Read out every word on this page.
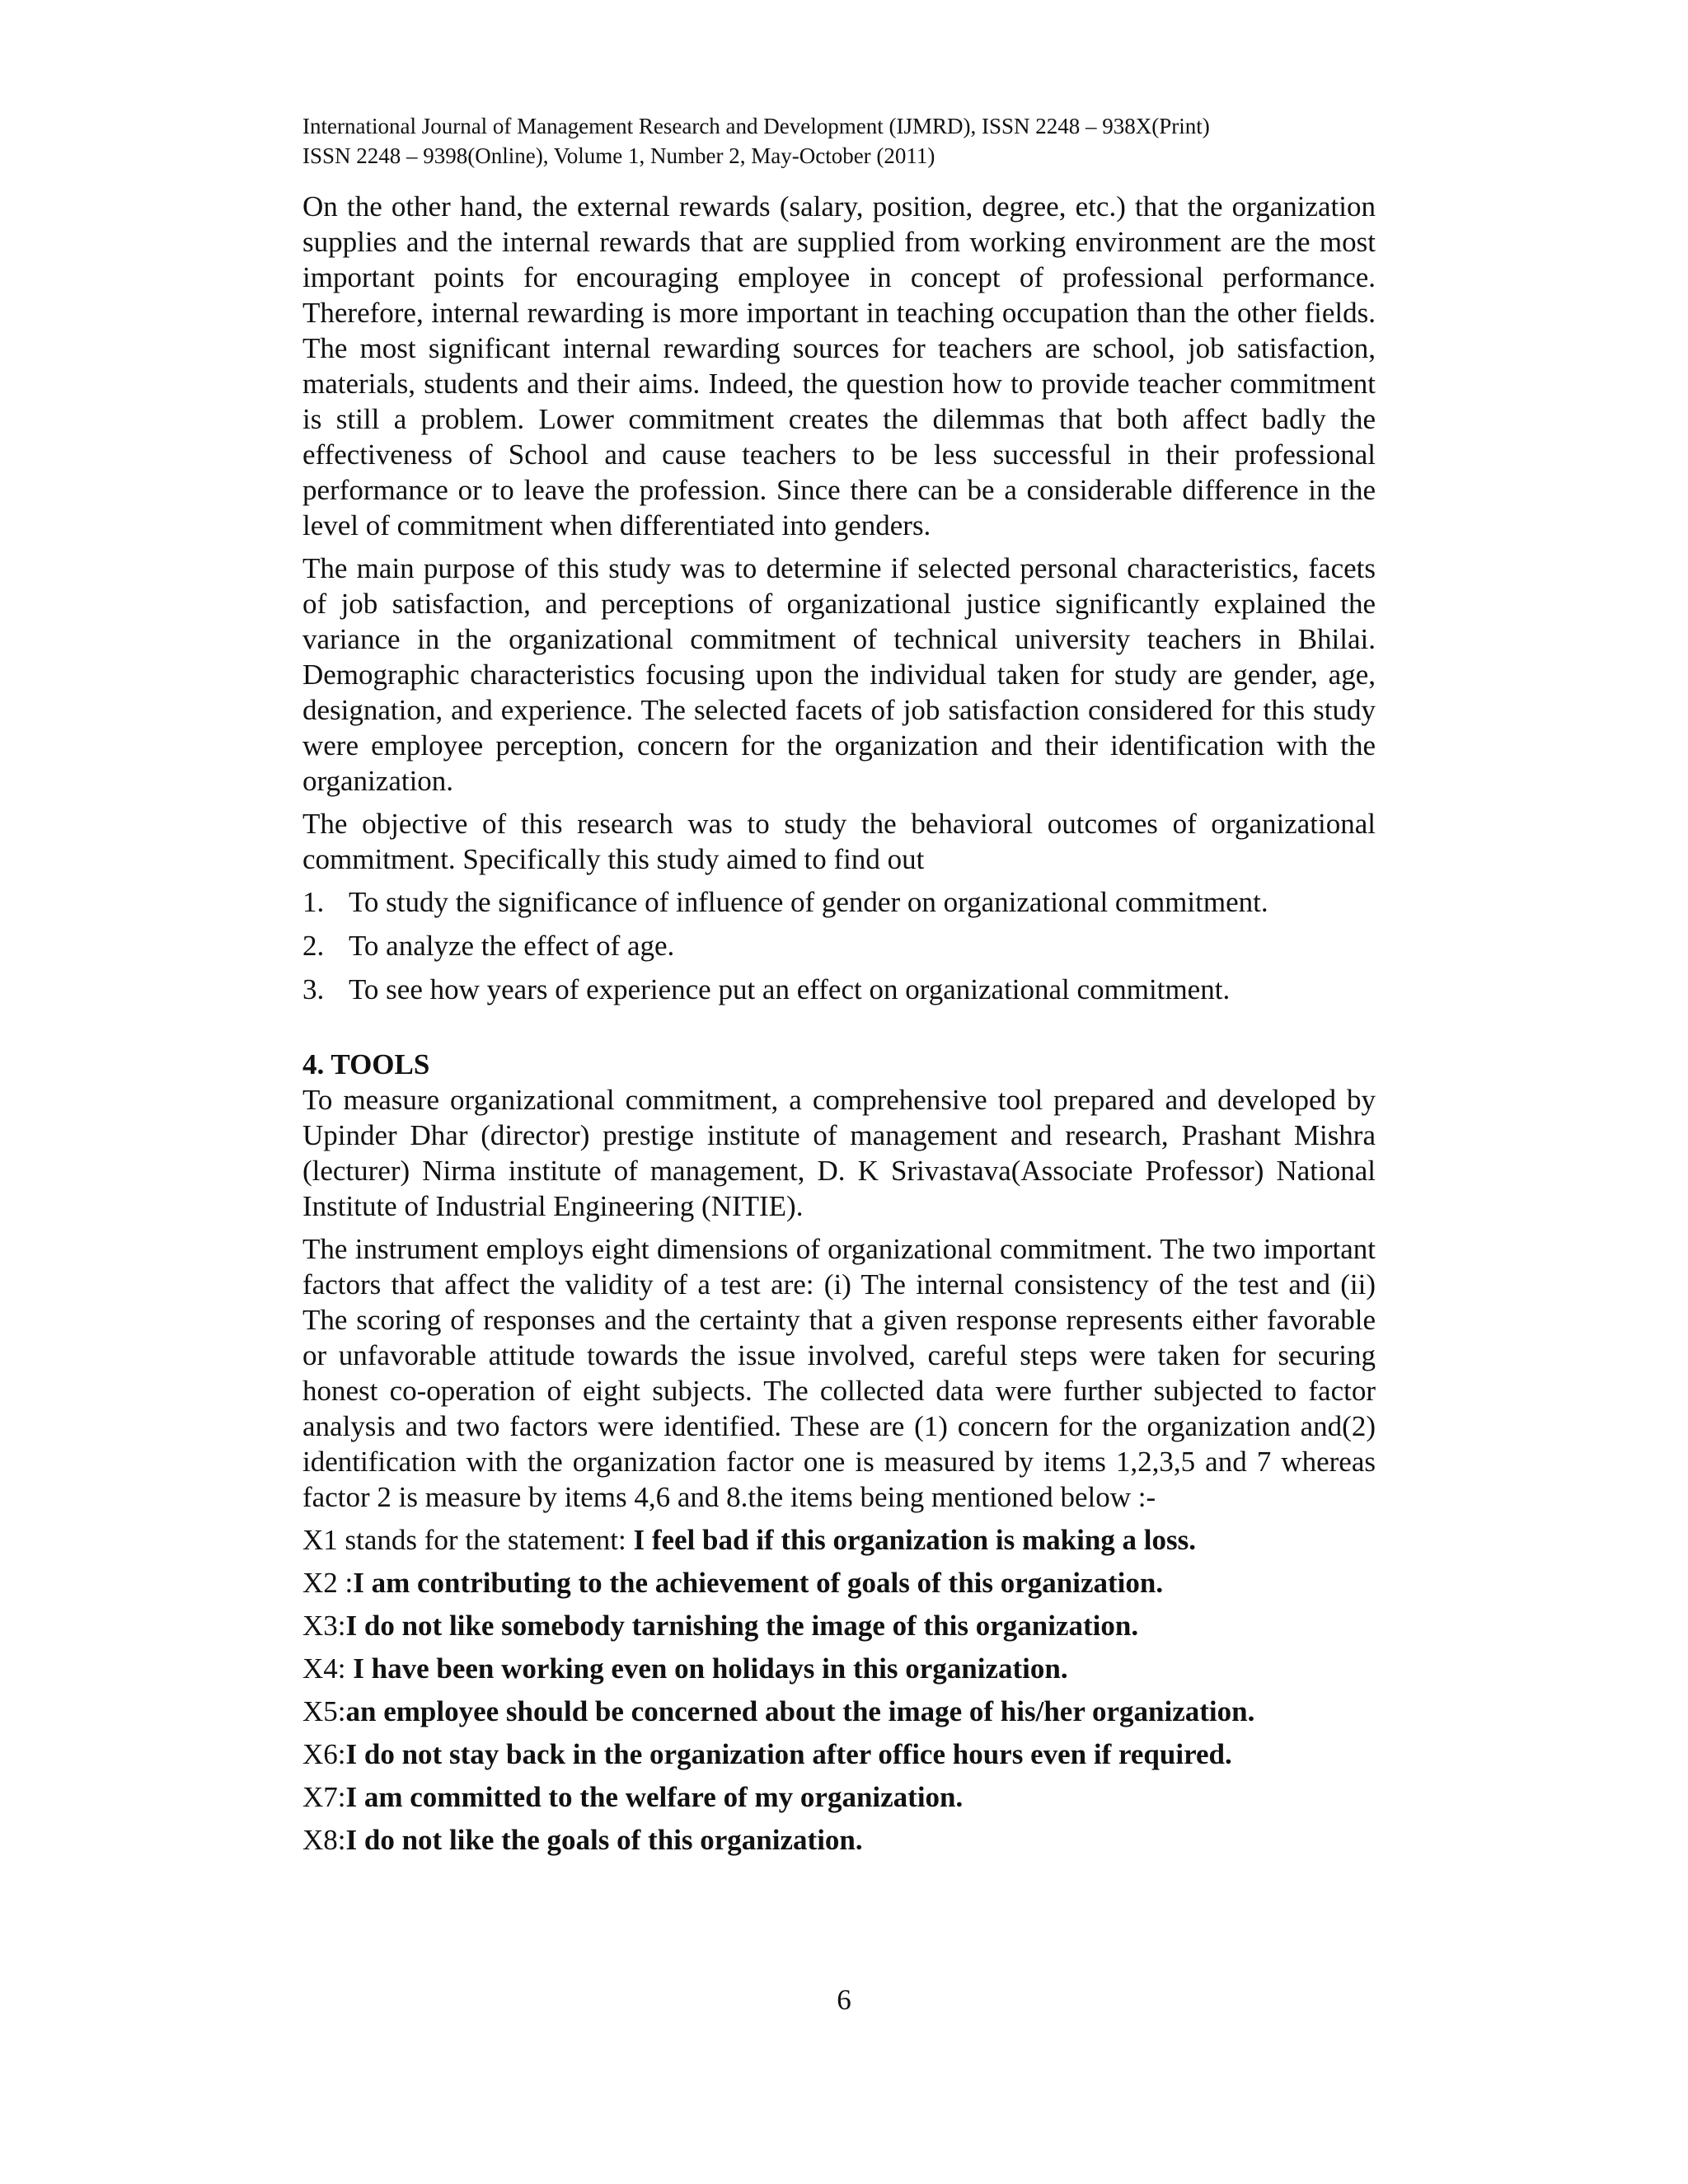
International Journal of Management Research and Development (IJMRD), ISSN 2248 – 938X(Print)
ISSN 2248 – 9398(Online), Volume 1, Number 2, May-October (2011)

On the other hand, the external rewards (salary, position, degree, etc.) that the organization supplies and the internal rewards that are supplied from working environment are the most important points for encouraging employee in concept of professional performance. Therefore, internal rewarding is more important in teaching occupation than the other fields. The most significant internal rewarding sources for teachers are school, job satisfaction, materials, students and their aims. Indeed, the question how to provide teacher commitment is still a problem. Lower commitment creates the dilemmas that both affect badly the effectiveness of School and cause teachers to be less successful in their professional performance or to leave the profession. Since there can be a considerable difference in the level of commitment when differentiated into genders.

The main purpose of this study was to determine if selected personal characteristics, facets of job satisfaction, and perceptions of organizational justice significantly explained the variance in the organizational commitment of technical university teachers in Bhilai. Demographic characteristics focusing upon the individual taken for study are gender, age, designation, and experience. The selected facets of job satisfaction considered for this study were employee perception, concern for the organization and their identification with the organization.

The objective of this research was to study the behavioral outcomes of organizational commitment. Specifically this study aimed to find out

1. To study the significance of influence of gender on organizational commitment.
2. To analyze the effect of age.
3. To see how years of experience put an effect on organizational commitment.
4. TOOLS

To measure organizational commitment, a comprehensive tool prepared and developed by Upinder Dhar (director) prestige institute of management and research, Prashant Mishra (lecturer) Nirma institute of management, D. K Srivastava(Associate Professor) National Institute of Industrial Engineering (NITIE).

The instrument employs eight dimensions of organizational commitment. The two important factors that affect the validity of a test are: (i) The internal consistency of the test and (ii) The scoring of responses and the certainty that a given response represents either favorable or unfavorable attitude towards the issue involved, careful steps were taken for securing honest co-operation of eight subjects. The collected data were further subjected to factor analysis and two factors were identified. These are (1) concern for the organization and(2) identification with the organization factor one is measured by items 1,2,3,5 and 7 whereas factor 2 is measure by items 4,6 and 8.the items being mentioned below :-

X1 stands for the statement: I feel bad if this organization is making a loss.
X2 :I am contributing to the achievement of goals of this organization.
X3:I do not like somebody tarnishing the image of this organization.
X4: I have been working even on holidays in this organization.
X5:an employee should be concerned about the image of his/her organization.
X6:I do not stay back in the organization after office hours even if required.
X7:I am committed to the welfare of my organization.
X8:I do not like the goals of this organization.
6
